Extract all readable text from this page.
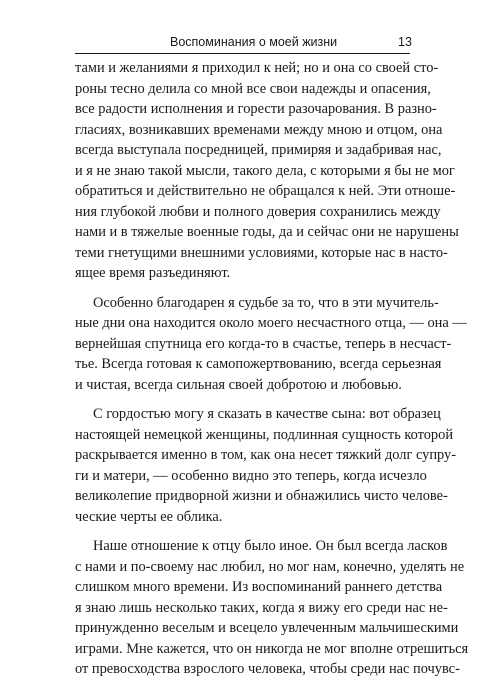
Воспоминания о моей жизни	13
тами и желаниями я приходил к ней; но и она со своей сто-
роны тесно делила со мной все свои надежды и опасения,
все радости исполнения и горести разочарования. В разно-
гласиях, возникавших временами между мною и отцом, она
всегда выступала посредницей, примиряя и задабривая нас,
и я не знаю такой мысли, такого дела, с которыми я бы не мог
обратиться и действительно не обращался к ней. Эти отноше-
ния глубокой любви и полного доверия сохранились между
нами и в тяжелые военные годы, да и сейчас они не нарушены
теми гнетущими внешними условиями, которые нас в насто-
ящее время разъединяют.
Особенно благодарен я судьбе за то, что в эти мучитель-
ные дни она находится около моего несчастного отца, — она —
вернейшая спутница его когда-то в счастье, теперь в несчаст-
тье. Всегда готовая к самопожертвованию, всегда серьезная
и чистая, всегда сильная своей добротою и любовью.
С гордостью могу я сказать в качестве сына: вот образец
настоящей немецкой женщины, подлинная сущность которой
раскрывается именно в том, как она несет тяжкий долг супру-
ги и матери, — особенно видно это теперь, когда исчезло
великолепие придворной жизни и обнажились чисто челове-
ческие черты ее облика.
Наше отношение к отцу было иное. Он был всегда ласков
с нами и по-своему нас любил, но мог нам, конечно, уделять не
слишком много времени. Из воспоминаний раннего детства
я знаю лишь несколько таких, когда я вижу его среди нас не-
принужденно веселым и всецело увлеченным мальчишескими
играми. Мне кажется, что он никогда не мог вполне отрешиться
от превосходства взрослого человека, чтобы среди нас почувс-
